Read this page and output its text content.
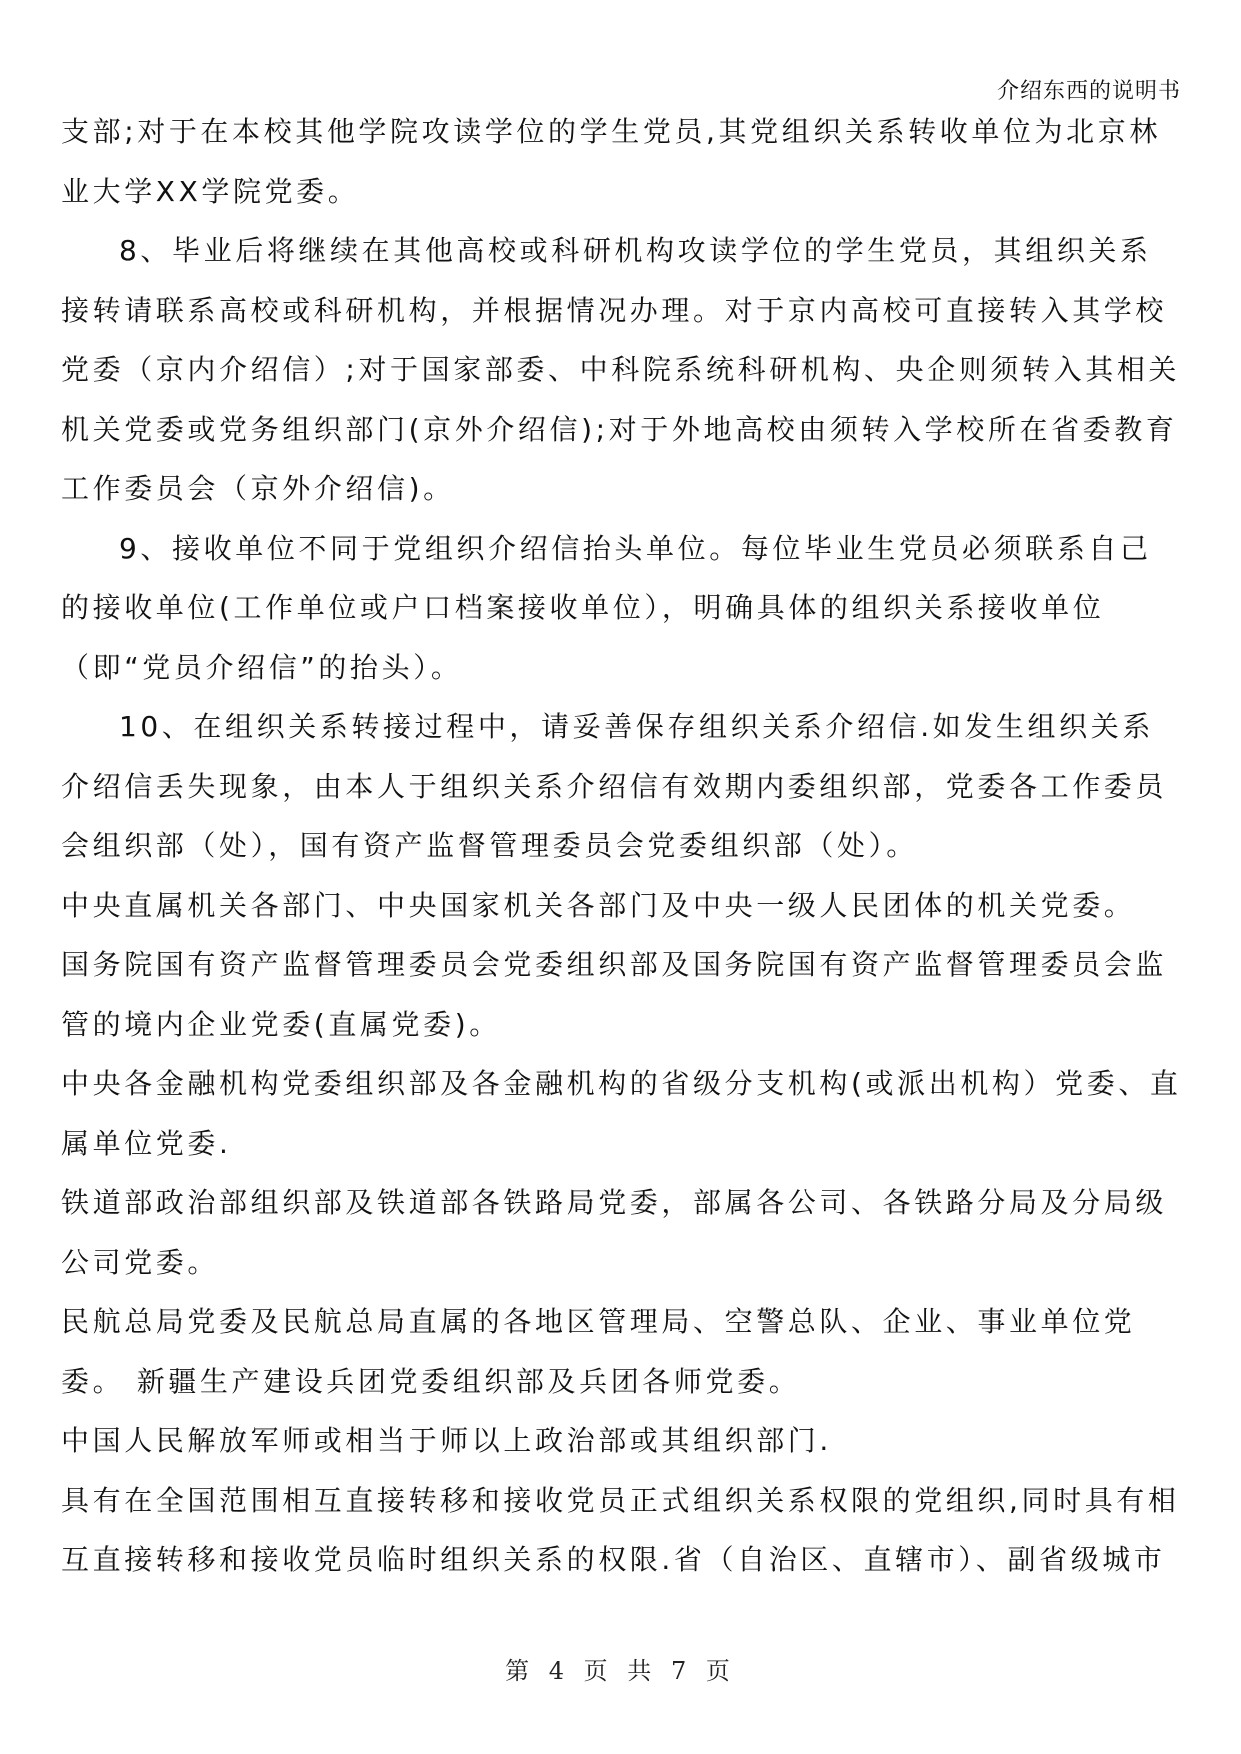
介绍东西的说明书

支部;对于在本校其他学院攻读学位的学生党员,其党组织关系转收单位为北京林业大学XX学院党委。

8、毕业后将继续在其他高校或科研机构攻读学位的学生党员，其组织关系接转请联系高校或科研机构，并根据情况办理。对于京内高校可直接转入其学校党委（京内介绍信）;对于国家部委、中科院系统科研机构、央企则须转入其相关机关党委或党务组织部门(京外介绍信);对于外地高校由须转入学校所在省委教育工作委员会（京外介绍信)。

9、接收单位不同于党组织介绍信抬头单位。每位毕业生党员必须联系自己的接收单位(工作单位或户口档案接收单位），明确具体的组织关系接收单位（即“党员介绍信”的抬头）。

10、在组织关系转接过程中，请妥善保存组织关系介绍信.如发生组织关系介绍信丢失现象，由本人于组织关系介绍信有效期内委组织部，党委各工作委员会组织部（处），国有资产监督管理委员会党委组织部（处）。

中央直属机关各部门、中央国家机关各部门及中央一级人民团体的机关党委。

国务院国有资产监督管理委员会党委组织部及国务院国有资产监督管理委员会监管的境内企业党委(直属党委)。

中央各金融机构党委组织部及各金融机构的省级分支机构(或派出机构）党委、直属单位党委.

铁道部政治部组织部及铁道部各铁路局党委，部属各公司、各铁路分局及分局级公司党委。

民航总局党委及民航总局直属的各地区管理局、空警总队、企业、事业单位党委。 新疆生产建设兵团党委组织部及兵团各师党委。

中国人民解放军师或相当于师以上政治部或其组织部门.

具有在全国范围相互直接转移和接收党员正式组织关系权限的党组织,同时具有相互直接转移和接收党员临时组织关系的权限.省（自治区、直辖市）、副省级城市

第 4 页 共 7 页
